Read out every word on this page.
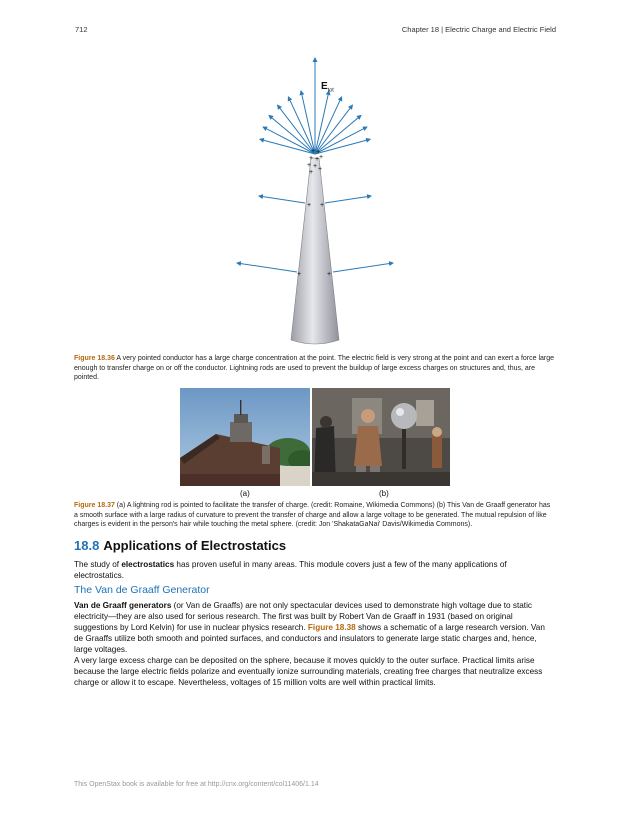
712	Chapter 18 | Electric Charge and Electric Field
+ +
+ + +
+ + +
+
+ +
+	+
$E_{tot}$
Figure 18.36 A very pointed conductor has a large charge concentration at the point. The electric field is very strong at the point and can exert a force large enough to transfer charge on or off the conductor. Lightning rods are used to prevent the buildup of large excess charges on structures and, thus, are pointed.
(a)	(b)
Figure 18.37 (a) A lightning rod is pointed to facilitate the transfer of charge. (credit: Romaine, Wikimedia Commons) (b) This Van de Graaff generator has a smooth surface with a large radius of curvature to prevent the transfer of charge and allow a large voltage to be generated. The mutual repulsion of like charges is evident in the person's hair while touching the metal sphere. (credit: Jon 'ShakataGaNai' Davis/Wikimedia Commons).
18.8 Applications of Electrostatics

The study of electrostatics has proven useful in many areas. This module covers just a few of the many applications of electrostatics.

The Van de Graaff Generator

Van de Graaff generators (or Van de Graaffs) are not only spectacular devices used to demonstrate high voltage due to static electricity—they are also used for serious research. The first was built by Robert Van de Graaff in 1931 (based on original suggestions by Lord Kelvin) for use in nuclear physics research. Figure 18.38 shows a schematic of a large research version. Van de Graaffs utilize both smooth and pointed surfaces, and conductors and insulators to generate large static charges and, hence, large voltages.

A very large excess charge can be deposited on the sphere, because it moves quickly to the outer surface. Practical limits arise because the large electric fields polarize and eventually ionize surrounding materials, creating free charges that neutralize excess charge or allow it to escape. Nevertheless, voltages of 15 million volts are well within practical limits.

This OpenStax book is available for free at http://cnx.org/content/col11406/1.14
